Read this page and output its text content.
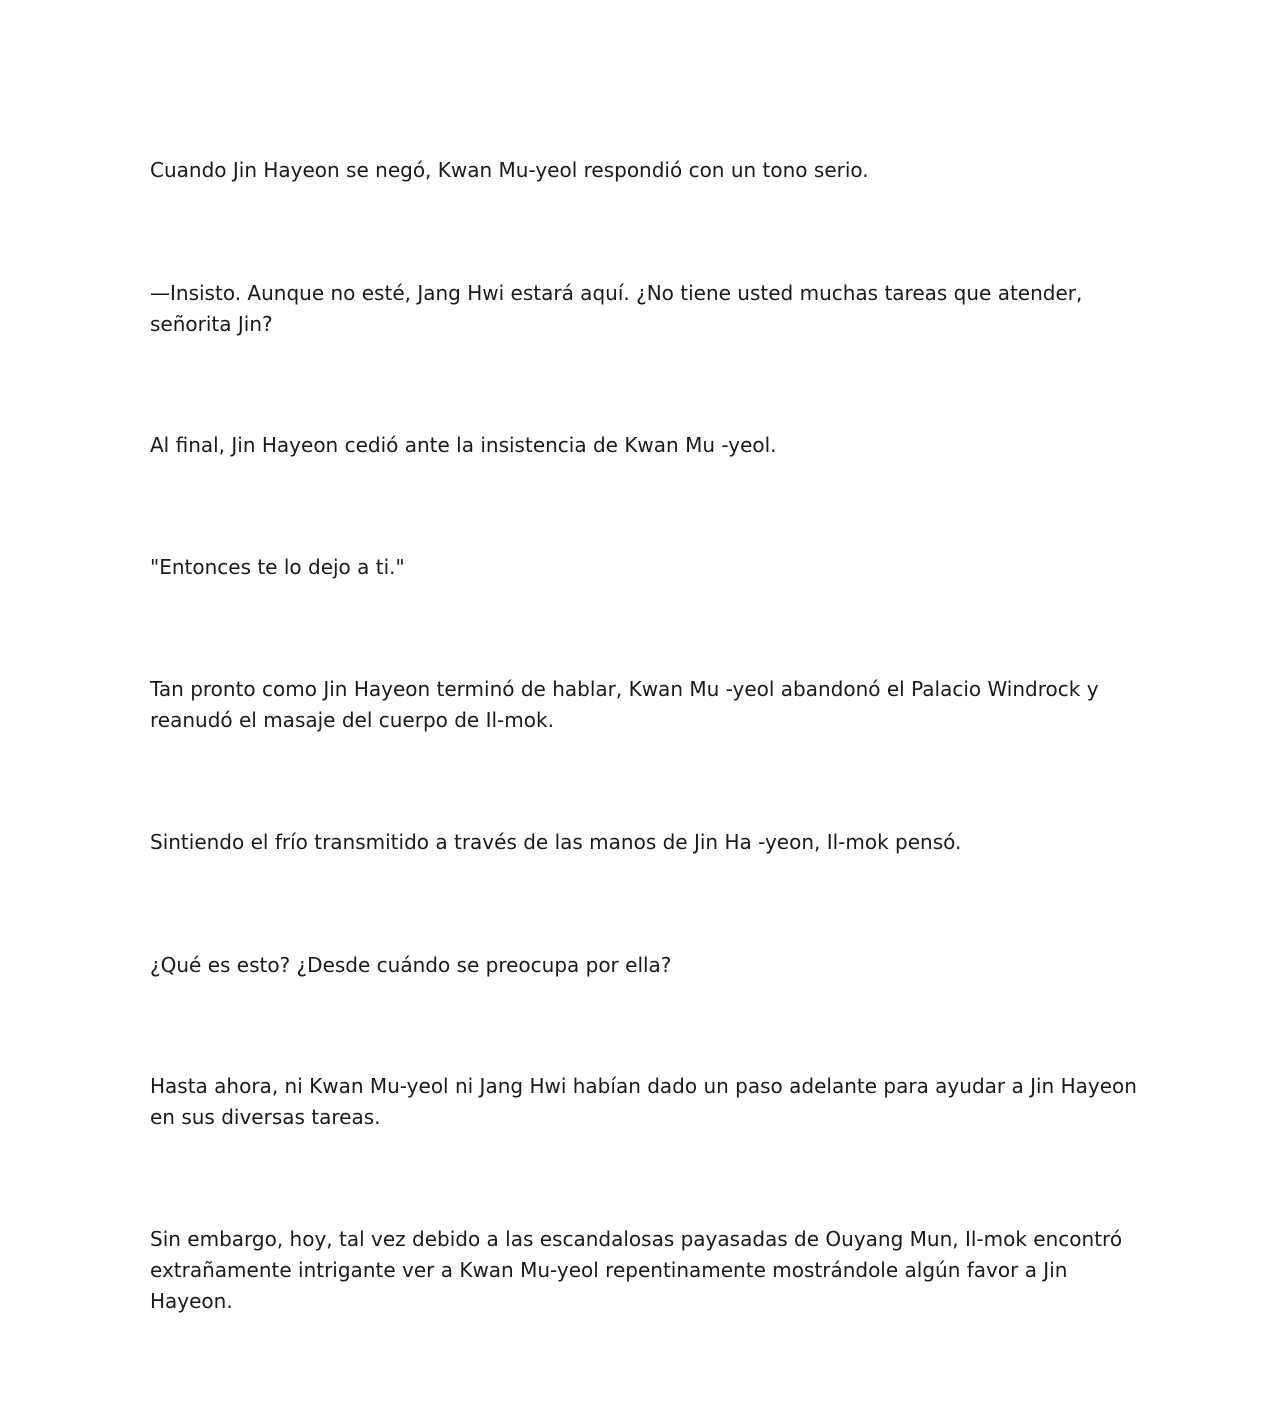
Cuando Jin Hayeon se negó, Kwan Mu-yeol respondió con un tono serio.

—Insisto. Aunque no esté, Jang Hwi estará aquí. ¿No tiene usted muchas tareas que atender, señorita Jin?

Al final, Jin Hayeon cedió ante la insistencia de Kwan Mu -yeol.

"Entonces te lo dejo a ti."

Tan pronto como Jin Hayeon terminó de hablar, Kwan Mu -yeol abandonó el Palacio Windrock y reanudó el masaje del cuerpo de Il-mok.

Sintiendo el frío transmitido a través de las manos de Jin Ha -yeon, Il-mok pensó.

¿Qué es esto? ¿Desde cuándo se preocupa por ella?

Hasta ahora, ni Kwan Mu-yeol ni Jang Hwi habían dado un paso adelante para ayudar a Jin Hayeon en sus diversas tareas.

Sin embargo, hoy, tal vez debido a las escandalosas payasadas de Ouyang Mun, Il-mok encontró extrañamente intrigante ver a Kwan Mu-yeol repentinamente mostrándole algún favor a Jin Hayeon.
